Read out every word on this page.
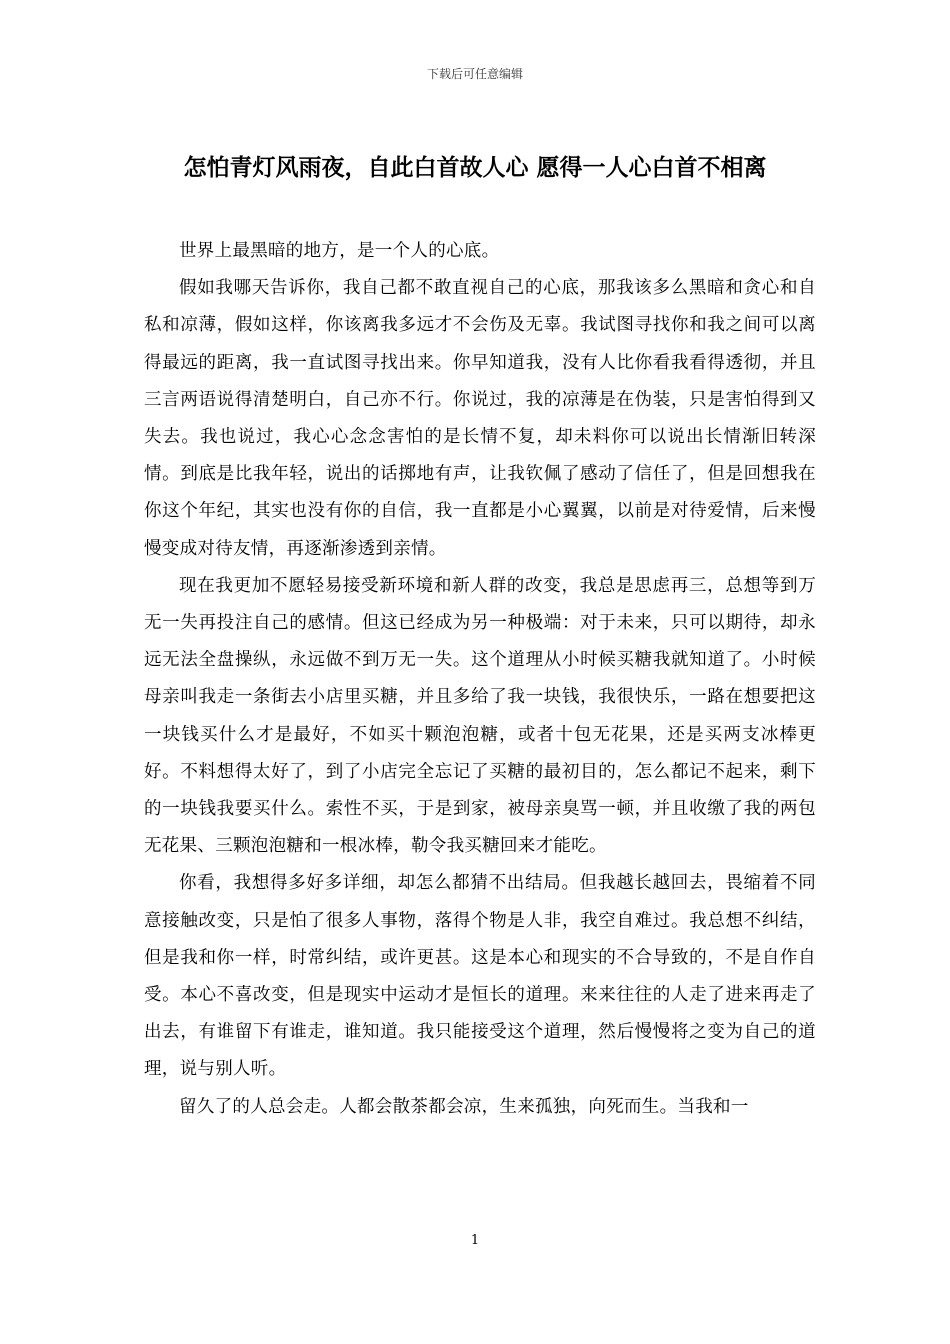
下载后可任意编辑
怎怕青灯风雨夜，自此白首故人心 愿得一人心白首不相离

世界上最黑暗的地方，是一个人的心底。

假如我哪天告诉你，我自己都不敢直视自己的心底，那我该多么黑暗和贪心和自私和凉薄，假如这样，你该离我多远才不会伤及无辜。我试图寻找你和我之间可以离得最远的距离，我一直试图寻找出来。你早知道我，没有人比你看我看得透彻，并且三言两语说得清楚明白，自己亦不行。你说过，我的凉薄是在伪装，只是害怕得到又失去。我也说过，我心心念念害怕的是长情不复，却未料你可以说出长情渐旧转深情。到底是比我年轻，说出的话掷地有声，让我钦佩了感动了信任了，但是回想我在你这个年纪，其实也没有你的自信，我一直都是小心翼翼，以前是对待爱情，后来慢慢变成对待友情，再逐渐渗透到亲情。

现在我更加不愿轻易接受新环境和新人群的改变，我总是思虑再三，总想等到万无一失再投注自己的感情。但这已经成为另一种极端：对于未来，只可以期待，却永远无法全盘操纵，永远做不到万无一失。这个道理从小时候买糖我就知道了。小时候母亲叫我走一条街去小店里买糖，并且多给了我一块钱，我很快乐，一路在想要把这一块钱买什么才是最好，不如买十颗泡泡糖，或者十包无花果，还是买两支冰棒更好。不料想得太好了，到了小店完全忘记了买糖的最初目的，怎么都记不起来，剩下的一块钱我要买什么。索性不买，于是到家，被母亲臭骂一顿，并且收缴了我的两包无花果、三颗泡泡糖和一根冰棒，勒令我买糖回来才能吃。

你看，我想得多好多详细，却怎么都猜不出结局。但我越长越回去，畏缩着不同意接触改变，只是怕了很多人事物，落得个物是人非，我空自难过。我总想不纠结，但是我和你一样，时常纠结，或许更甚。这是本心和现实的不合导致的，不是自作自受。本心不喜改变，但是现实中运动才是恒长的道理。来来往往的人走了进来再走了出去，有谁留下有谁走，谁知道。我只能接受这个道理，然后慢慢将之变为自己的道理，说与别人听。

留久了的人总会走。人都会散茶都会凉，生来孤独，向死而生。当我和一

1
